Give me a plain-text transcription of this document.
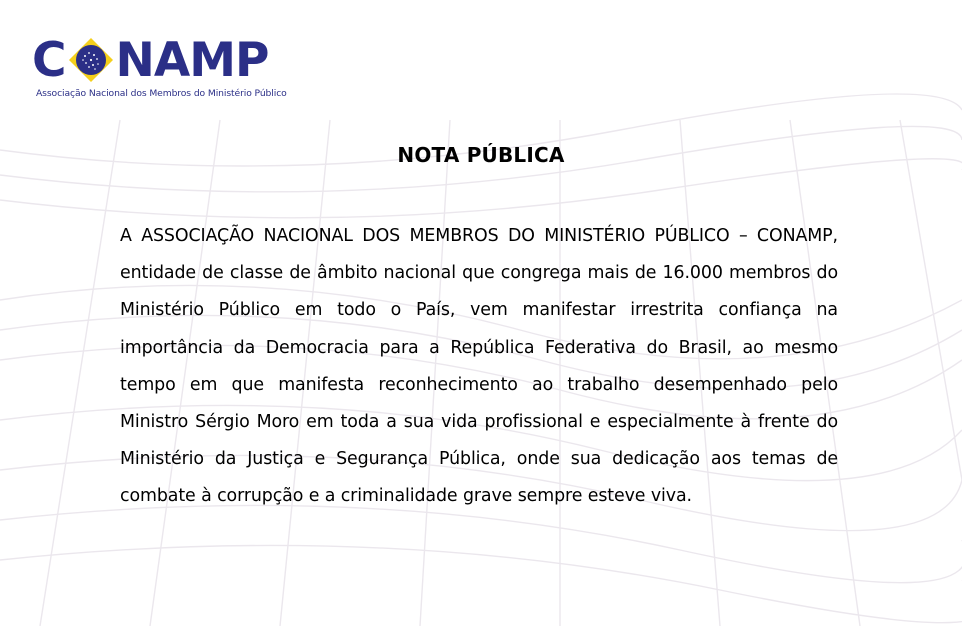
C NAMP
Associação Nacional dos Membros do Ministério Público
NOTA PÚBLICA
A ASSOCIAÇÃO NACIONAL DOS MEMBROS DO MINISTÉRIO PÚBLICO – CONAMP, entidade de classe de âmbito nacional que congrega mais de 16.000 membros do Ministério Público em todo o País, vem manifestar irrestrita confiança na importância da Democracia para a República Federativa do Brasil, ao mesmo tempo em que manifesta reconhecimento ao trabalho desempenhado pelo Ministro Sérgio Moro em toda a sua vida profissional e especialmente à frente do Ministério da Justiça e Segurança Pública, onde sua dedicação aos temas de combate à corrupção e a criminalidade grave sempre esteve viva.
